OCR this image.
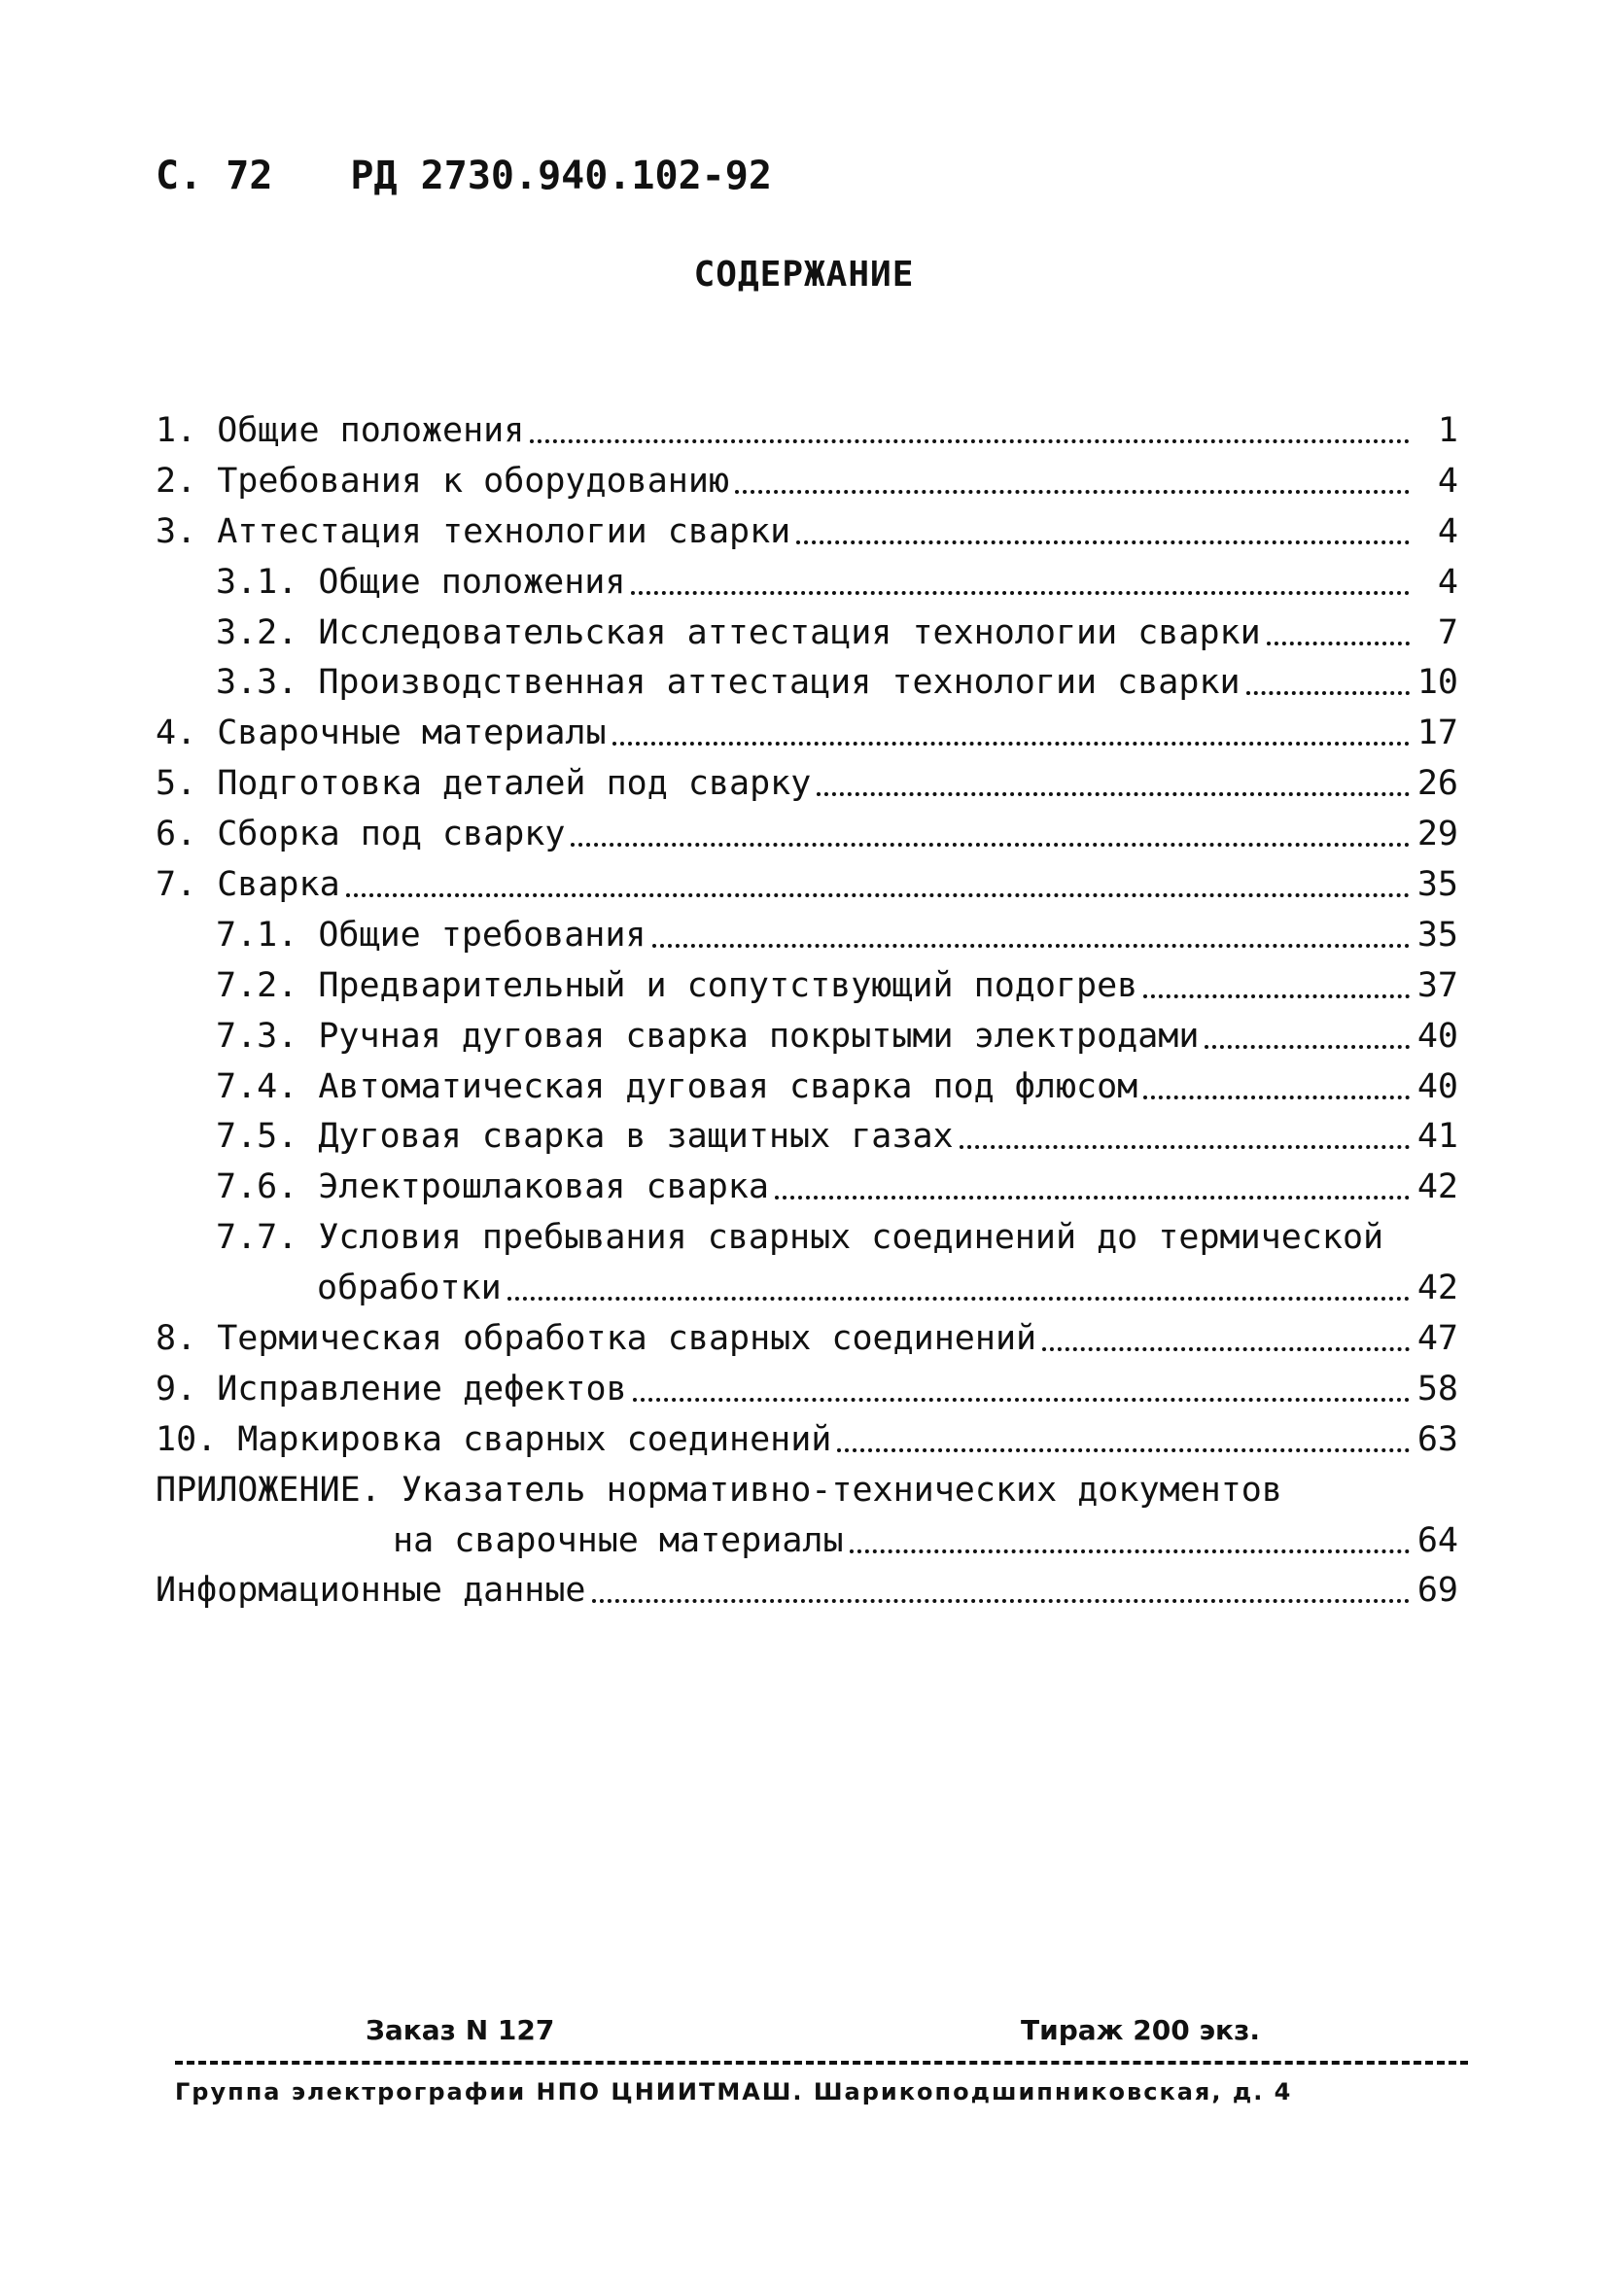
С. 72 РД 2730.940.102-92
СОДЕРЖАНИЕ
1. Общие положения	1
2. Требования к оборудованию	4
3. Аттестация технологии сварки	4
3.1. Общие положения	4
3.2. Исследовательская аттестация технологии сварки	7
3.3. Производственная аттестация технологии сварки	10
4. Сварочные материалы	17
5. Подготовка деталей под сварку	26
6. Сборка под сварку	29
7. Сварка	35
7.1. Общие требования	35
7.2. Предварительный и сопутствующий подогрев	37
7.3. Ручная дуговая сварка покрытыми электродами	40
7.4. Автоматическая дуговая сварка под флюсом	40
7.5. Дуговая сварка в защитных газах	41
7.6. Электрошлаковая сварка	42
7.7. Условия пребывания сварных соединений до термической
обработки	42
8. Термическая обработка сварных соединений	47
9. Исправление дефектов	58
10. Маркировка сварных соединений	63
ПРИЛОЖЕНИЕ. Указатель нормативно-технических документов
на сварочные материалы	64
Информационные данные	69
Заказ N 127	Тираж 200 экз.
Группа электрографии НПО ЦНИИТМАШ. Шарикоподшипниковская, д. 4
